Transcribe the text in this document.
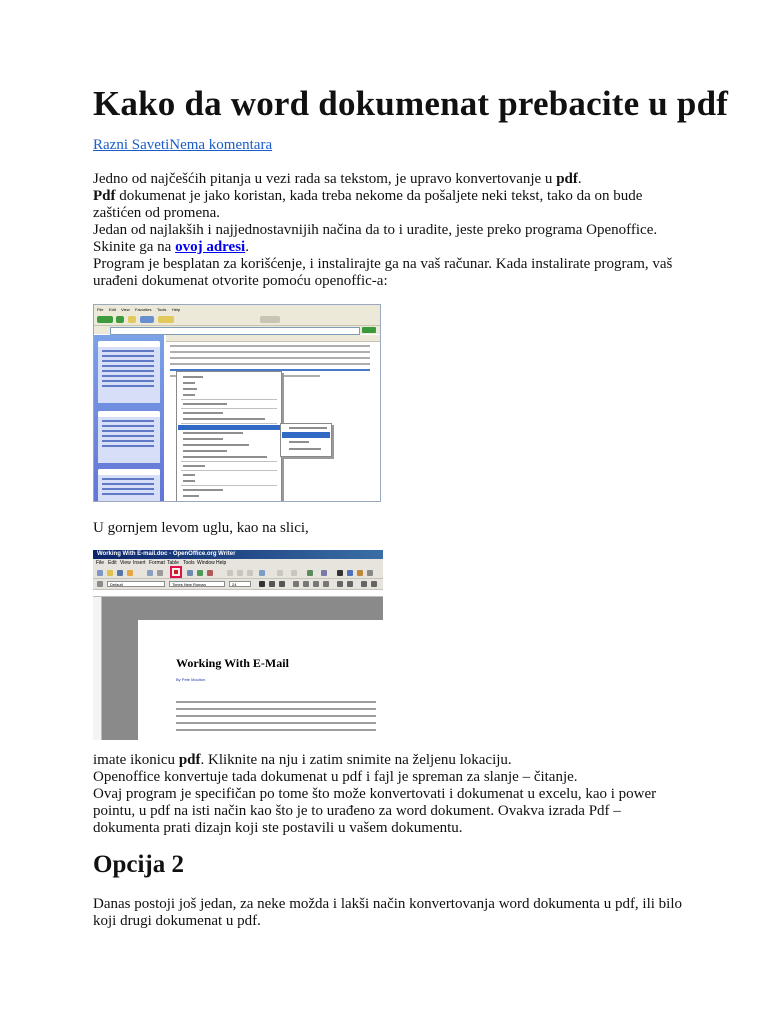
Kako da word dokumenat prebacite u pdf
Razni SavetiNema komentara
Jedno od najčešćih pitanja u vezi rada sa tekstom, je upravo konvertovanje u pdf.
Pdf dokumenat je jako koristan, kada treba nekome da pošaljete neki tekst, tako da on bude zaštićen od promena.
Jedan od najlakših i najjednostavnijih načina da to i uradite, jeste preko programa Openoffice. Skinite ga na ovoj adresi.
Program je besplatan za korišćenje, i instalirajte ga na vaš računar. Kada instalirate program, vaš urađeni dokumenat otvorite pomoću openoffic-a:
File Edit View Favorites Tools Help
U gornjem levom uglu, kao na slici,
Working With E-mail.doc - OpenOffice.org Writer
File Edit View Insert Format Table Tools Window Help
Default	Times New Roman	24
Working With E-Mail
By Pete Moulton
imate ikonicu pdf. Kliknite na nju i zatim snimite na željenu lokaciju.
Openoffice konvertuje tada dokumenat u pdf i fajl je spreman za slanje – čitanje.
Ovaj program je specifičan po tome što može konvertovati i dokumenat u excelu, kao i power pointu, u pdf na isti način kao što je to urađeno za word dokument. Ovakva izrada Pdf – dokumenta prati dizajn koji ste postavili u vašem dokumentu.
Opcija 2
Danas postoji još jedan, za neke možda i lakši način konvertovanja word dokumenta u pdf, ili bilo koji drugi dokumenat u pdf.
